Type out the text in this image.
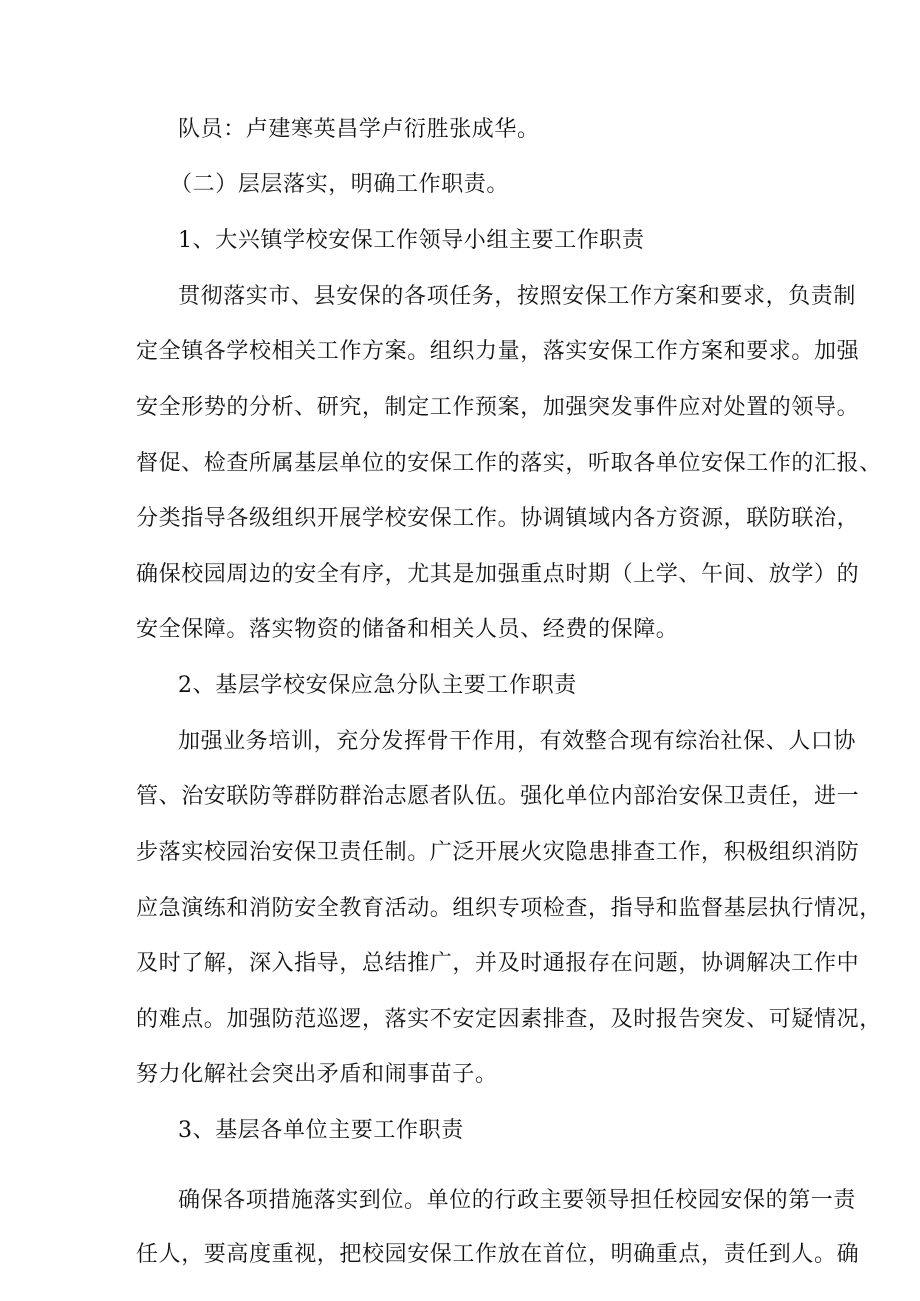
队员：卢建寒英昌学卢衍胜张成华。
（二）层层落实，明确工作职责。
1、大兴镇学校安保工作领导小组主要工作职责
贯彻落实市、县安保的各项任务，按照安保工作方案和要求，负责制
定全镇各学校相关工作方案。组织力量，落实安保工作方案和要求。加强
安全形势的分析、研究，制定工作预案，加强突发事件应对处置的领导。
督促、检查所属基层单位的安保工作的落实，听取各单位安保工作的汇报、
分类指导各级组织开展学校安保工作。协调镇域内各方资源，联防联治，
确保校园周边的安全有序，尤其是加强重点时期（上学、午间、放学）的
安全保障。落实物资的储备和相关人员、经费的保障。
2、基层学校安保应急分队主要工作职责
加强业务培训，充分发挥骨干作用，有效整合现有综治社保、人口协
管、治安联防等群防群治志愿者队伍。强化单位内部治安保卫责任，进一
步落实校园治安保卫责任制。广泛开展火灾隐患排查工作，积极组织消防
应急演练和消防安全教育活动。组织专项检查，指导和监督基层执行情况，
及时了解，深入指导，总结推广，并及时通报存在问题，协调解决工作中
的难点。加强防范巡逻，落实不安定因素排查，及时报告突发、可疑情况，
努力化解社会突出矛盾和闹事苗子。
3、基层各单位主要工作职责
确保各项措施落实到位。单位的行政主要领导担任校园安保的第一责
任人，要高度重视，把校园安保工作放在首位，明确重点，责任到人。确
